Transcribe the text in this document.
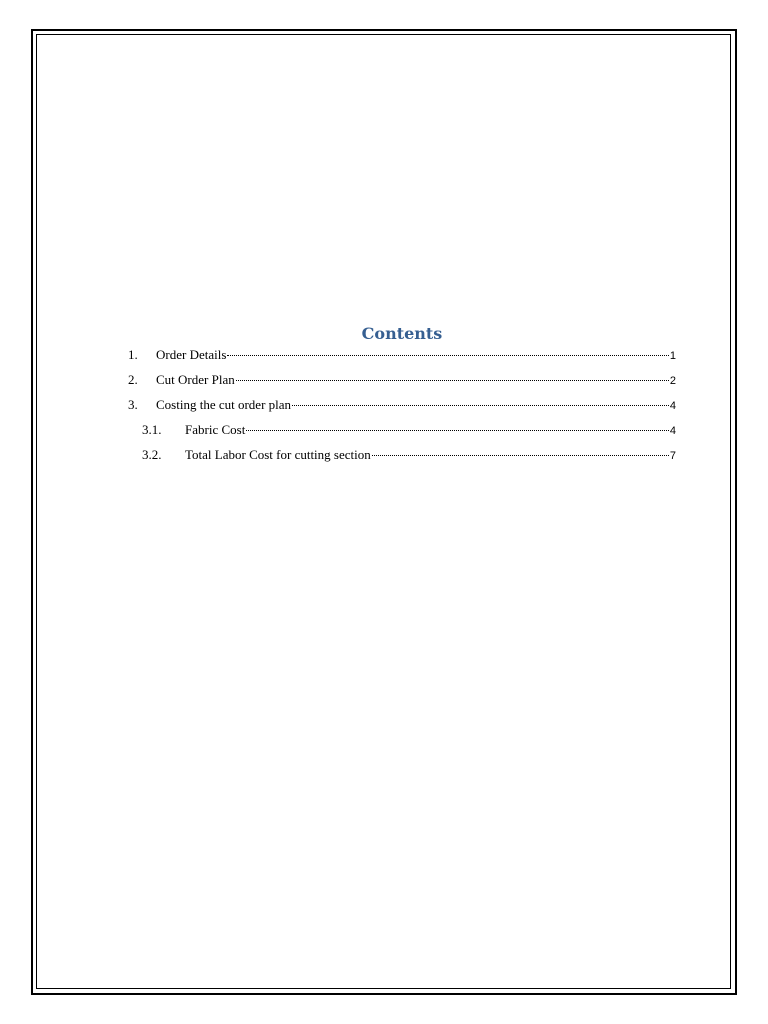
Contents
1.	Order Details	1
2.	Cut Order Plan	2
3.	Costing the cut order plan	4
3.1.	Fabric Cost	4
3.2.	Total Labor Cost for cutting section	7
